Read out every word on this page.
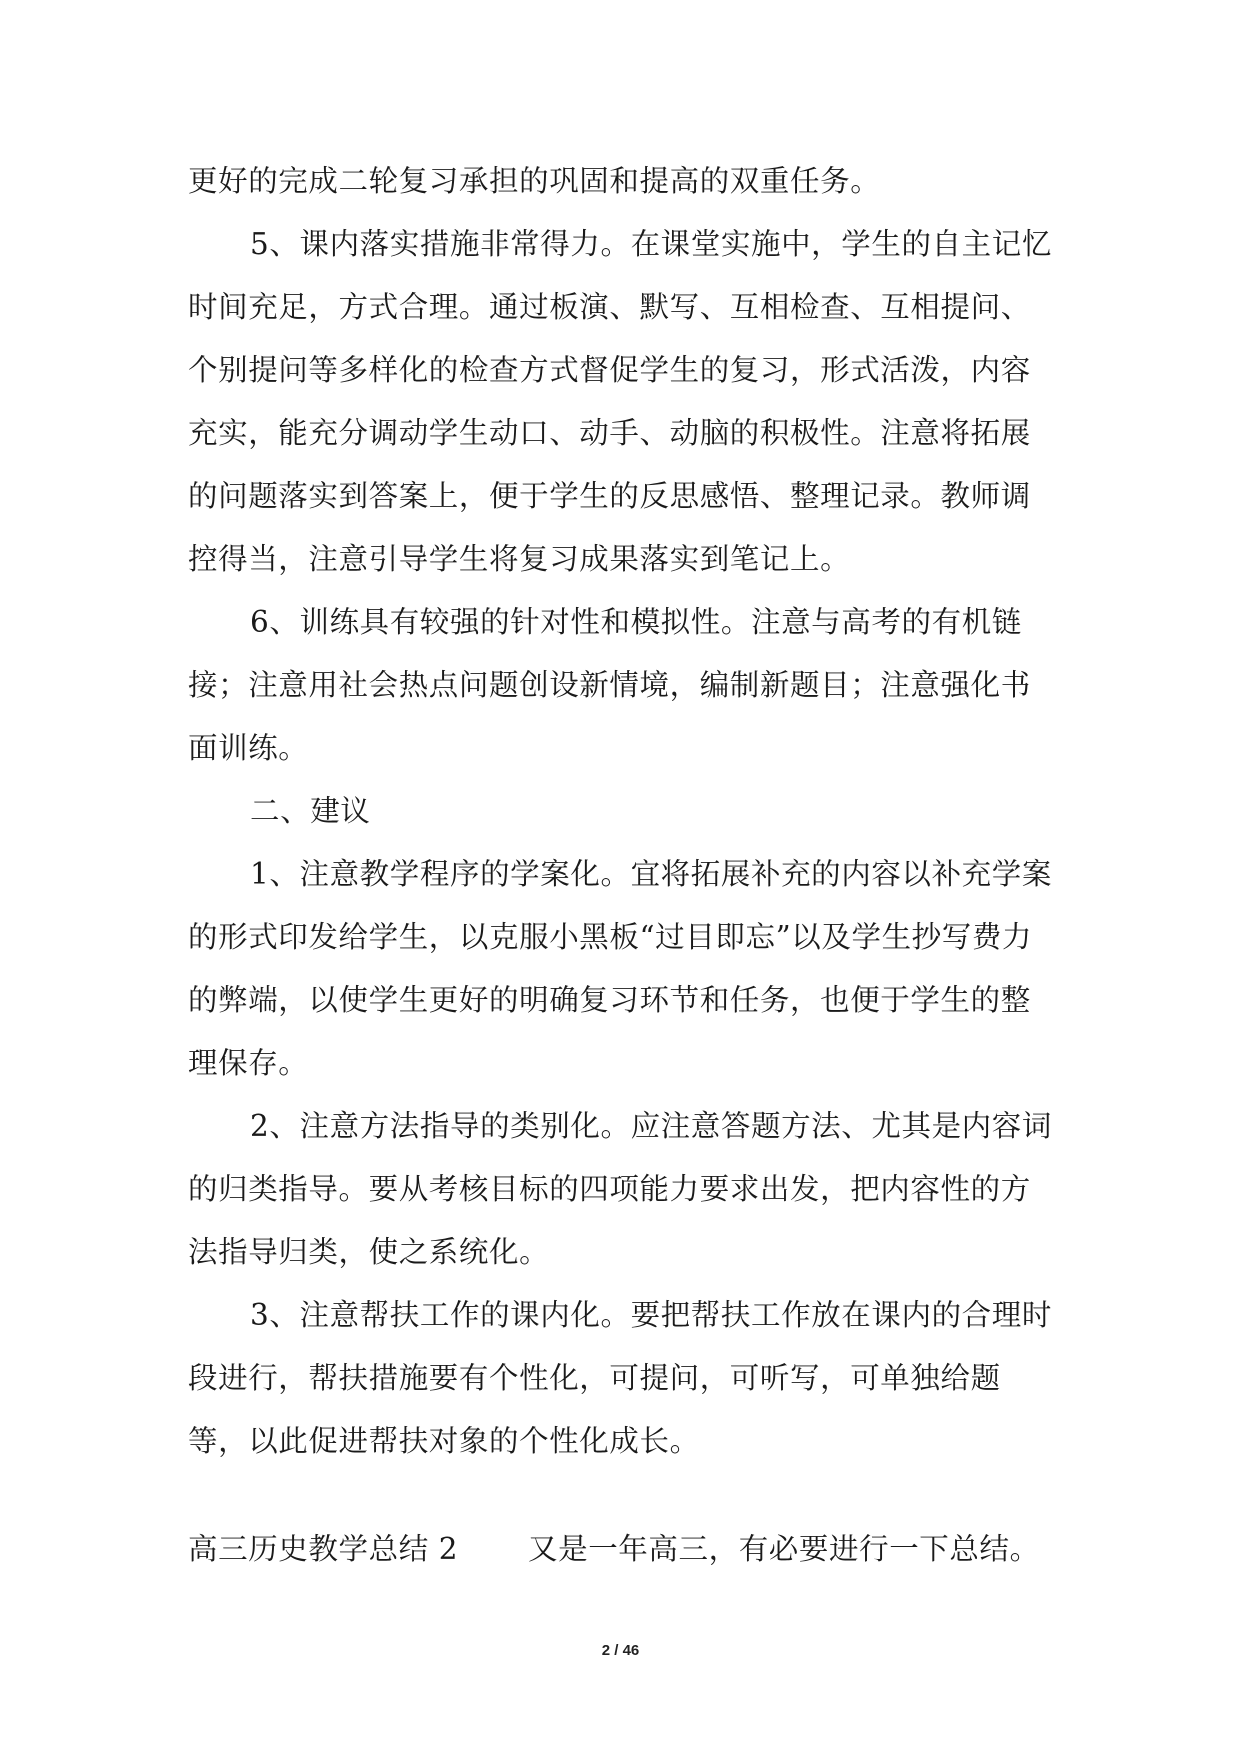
更好的完成二轮复习承担的巩固和提高的双重任务。

5、课内落实措施非常得力。在课堂实施中，学生的自主记忆时间充足，方式合理。通过板演、默写、互相检查、互相提问、个别提问等多样化的检查方式督促学生的复习，形式活泼，内容充实，能充分调动学生动口、动手、动脑的积极性。注意将拓展的问题落实到答案上，便于学生的反思感悟、整理记录。教师调控得当，注意引导学生将复习成果落实到笔记上。

6、训练具有较强的针对性和模拟性。注意与高考的有机链接；注意用社会热点问题创设新情境，编制新题目；注意强化书面训练。

二、建议

1、注意教学程序的学案化。宜将拓展补充的内容以补充学案的形式印发给学生，以克服小黑板“过目即忘”以及学生抄写费力的弊端，以使学生更好的明确复习环节和任务，也便于学生的整理保存。

2、注意方法指导的类别化。应注意答题方法、尤其是内容词的归类指导。要从考核目标的四项能力要求出发，把内容性的方法指导归类，使之系统化。

3、注意帮扶工作的课内化。要把帮扶工作放在课内的合理时段进行，帮扶措施要有个性化，可提问，可听写，可单独给题等，以此促进帮扶对象的个性化成长。

高三历史教学总结 2 又是一年高三，有必要进行一下总结。
2 / 46
